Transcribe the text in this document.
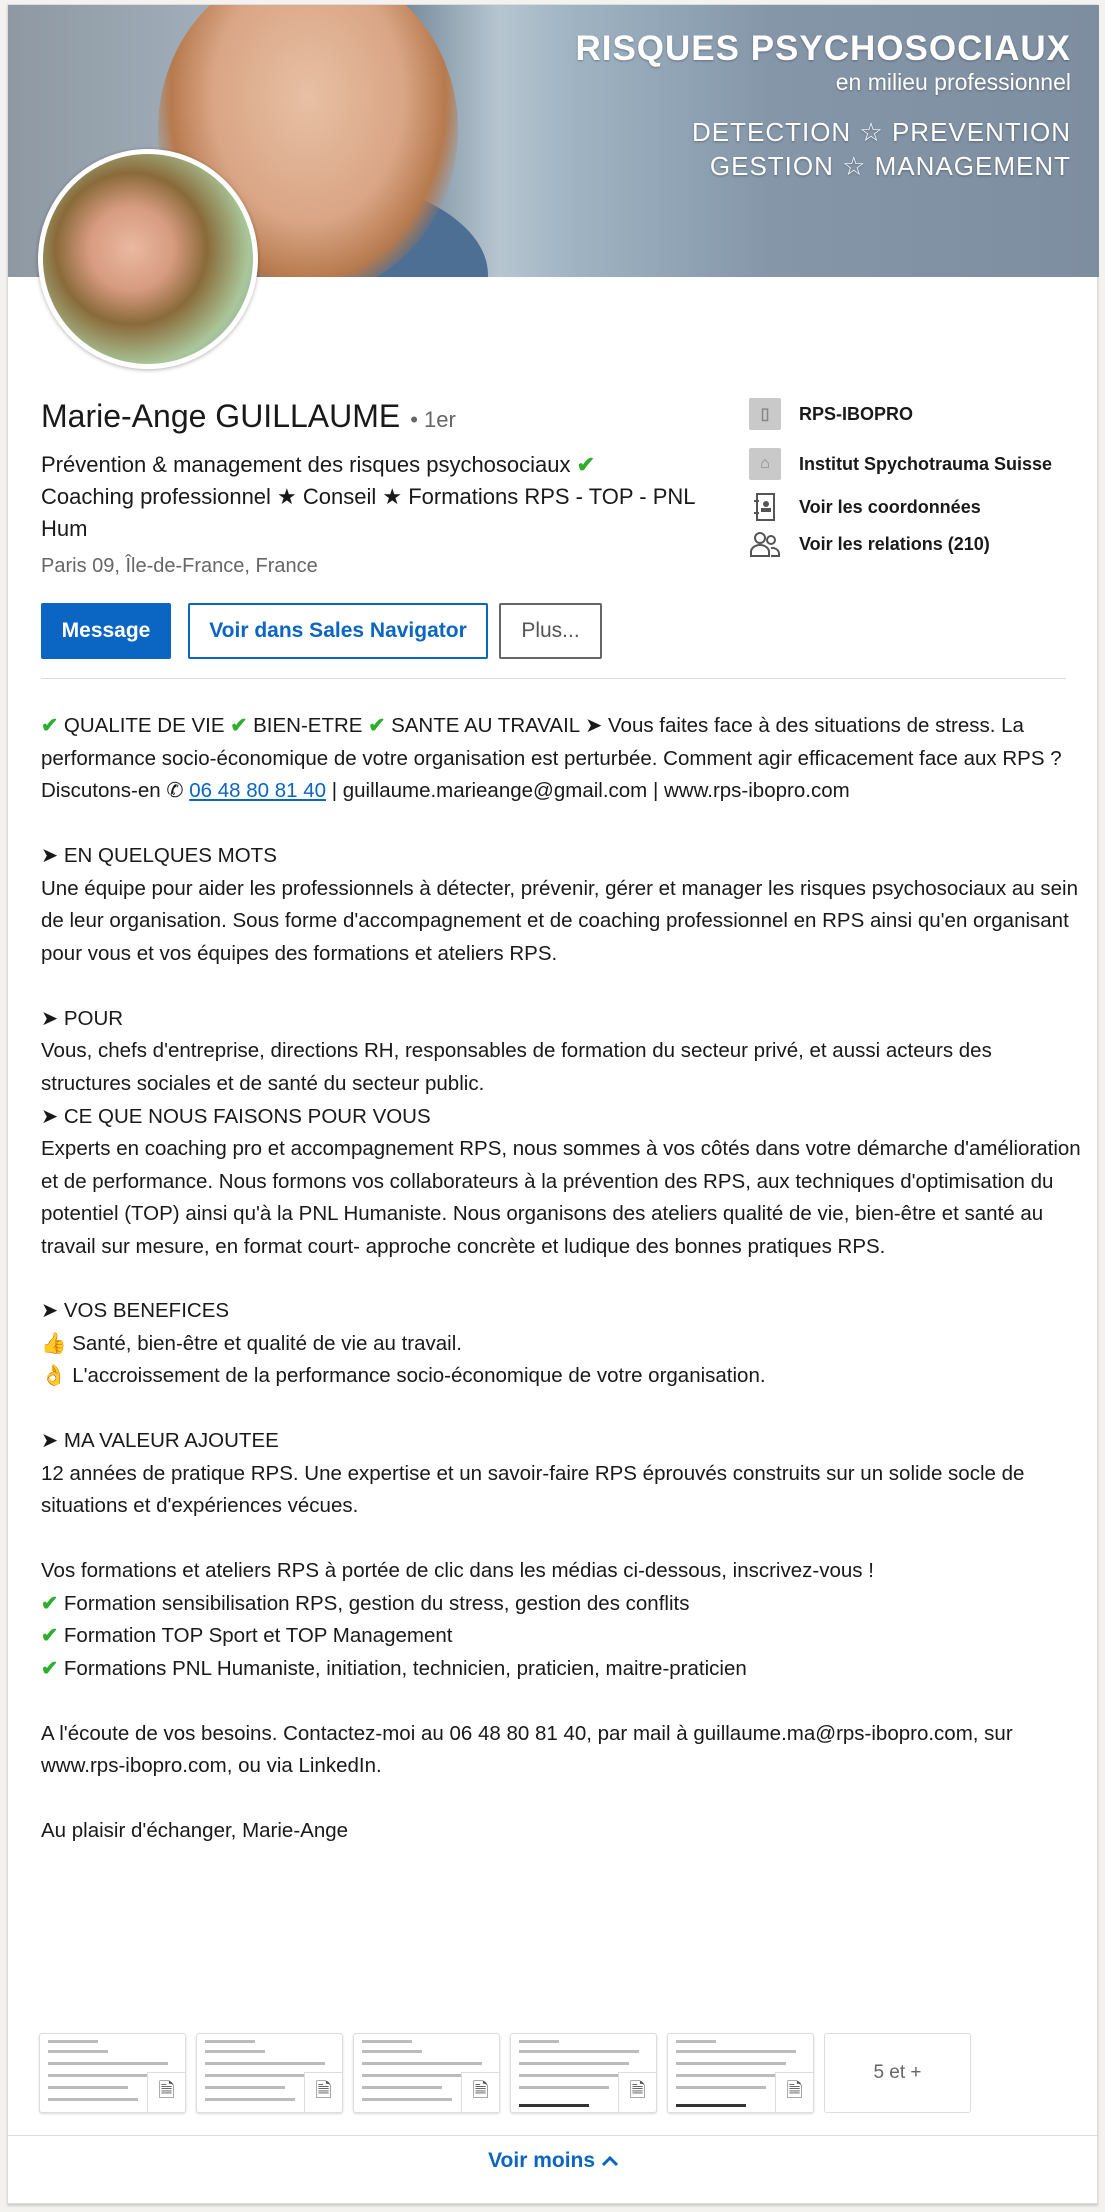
RISQUES PSYCHOSOCIAUX
en milieu professionnel
DETECTION ☆ PREVENTION
GESTION ☆ MANAGEMENT
Marie-Ange GUILLAUME • 1er
Prévention & management des risques psychosociaux ✔
Coaching professionnel ★ Conseil ★ Formations RPS - TOP - PNL Hum
Paris 09, Île-de-France, France
Message	Voir dans Sales Navigator	Plus...
▯	RPS-IBOPRO
⌂	Institut Spychotrauma Suisse
Voir les coordonnées
Voir les relations (210)

✔ QUALITE DE VIE ✔ BIEN-ETRE ✔ SANTE AU TRAVAIL ➤ Vous faites face à des situations de stress. La performance socio-économique de votre organisation est perturbée. Comment agir efficacement face aux RPS ? Discutons-en ✆ 06 48 80 81 40 | guillaume.marieange@gmail.com | www.rps-ibopro.com

➤ EN QUELQUES MOTS
Une équipe pour aider les professionnels à détecter, prévenir, gérer et manager les risques psychosociaux au sein de leur organisation. Sous forme d'accompagnement et de coaching professionnel en RPS ainsi qu'en organisant pour vous et vos équipes des formations et ateliers RPS.

➤ POUR
Vous, chefs d'entreprise, directions RH, responsables de formation du secteur privé, et aussi acteurs des structures sociales et de santé du secteur public.

➤ CE QUE NOUS FAISONS POUR VOUS
Experts en coaching pro et accompagnement RPS, nous sommes à vos côtés dans votre démarche d'amélioration et de performance. Nous formons vos collaborateurs à la prévention des RPS, aux techniques d'optimisation du potentiel (TOP) ainsi qu'à la PNL Humaniste. Nous organisons des ateliers qualité de vie, bien-être et santé au travail sur mesure, en format court- approche concrète et ludique des bonnes pratiques RPS.

➤ VOS BENEFICES
👍 Santé, bien-être et qualité de vie au travail.
👌 L'accroissement de la performance socio-économique de votre organisation.

➤ MA VALEUR AJOUTEE
12 années de pratique RPS. Une expertise et un savoir-faire RPS éprouvés construits sur un solide socle de situations et d'expériences vécues.

Vos formations et ateliers RPS à portée de clic dans les médias ci-dessous, inscrivez-vous !
✔ Formation sensibilisation RPS, gestion du stress, gestion des conflits
✔ Formation TOP Sport et TOP Management
✔ Formations PNL Humaniste, initiation, technicien, praticien, maitre-praticien

A l'écoute de vos besoins. Contactez-moi au 06 48 80 81 40, par mail à guillaume.ma@rps-ibopro.com, sur www.rps-ibopro.com, ou via LinkedIn.

Au plaisir d'échanger, Marie-Ange

🗎	🗎	🗎	🗎	🗎
5 et +
Voir moins
